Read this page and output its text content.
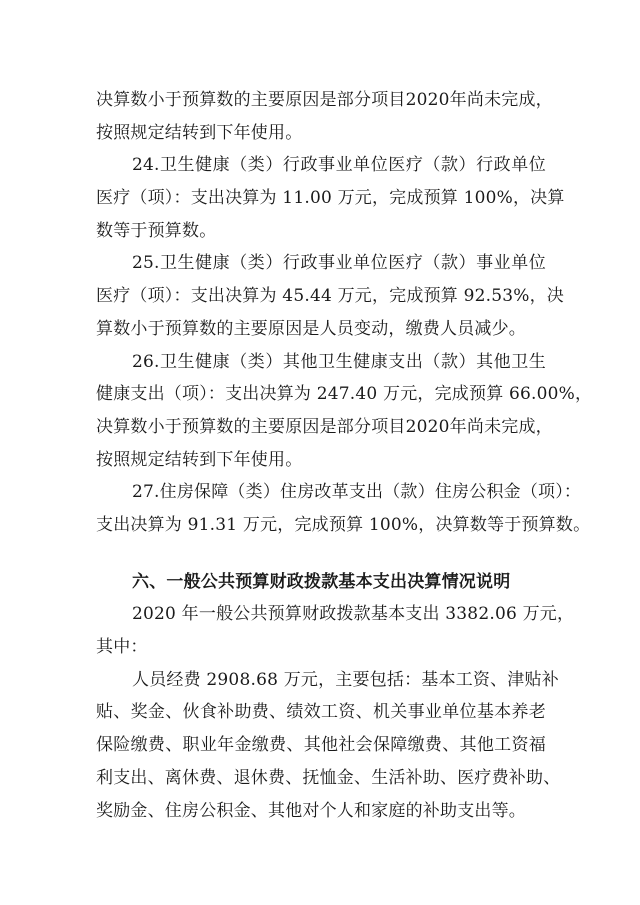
决算数小于预算数的主要原因是部分项目2020年尚未完成，
按照规定结转到下年使用。
24.卫生健康（类）行政事业单位医疗（款）行政单位
医疗（项）：支出决算为 11.00 万元，完成预算 100%，决算
数等于预算数。
25.卫生健康（类）行政事业单位医疗（款）事业单位
医疗（项）：支出决算为 45.44 万元，完成预算 92.53%，决
算数小于预算数的主要原因是人员变动，缴费人员减少。
26.卫生健康（类）其他卫生健康支出（款）其他卫生
健康支出（项）：支出决算为 247.40 万元，完成预算 66.00%，
决算数小于预算数的主要原因是部分项目2020年尚未完成，
按照规定结转到下年使用。
27.住房保障（类）住房改革支出（款）住房公积金（项）：
支出决算为 91.31 万元，完成预算 100%，决算数等于预算数。
六、一般公共预算财政拨款基本支出决算情况说明
2020 年一般公共预算财政拨款基本支出 3382.06 万元，
其中：
人员经费 2908.68 万元，主要包括：基本工资、津贴补
贴、奖金、伙食补助费、绩效工资、机关事业单位基本养老
保险缴费、职业年金缴费、其他社会保障缴费、其他工资福
利支出、离休费、退休费、抚恤金、生活补助、医疗费补助、
奖励金、住房公积金、其他对个人和家庭的补助支出等。
